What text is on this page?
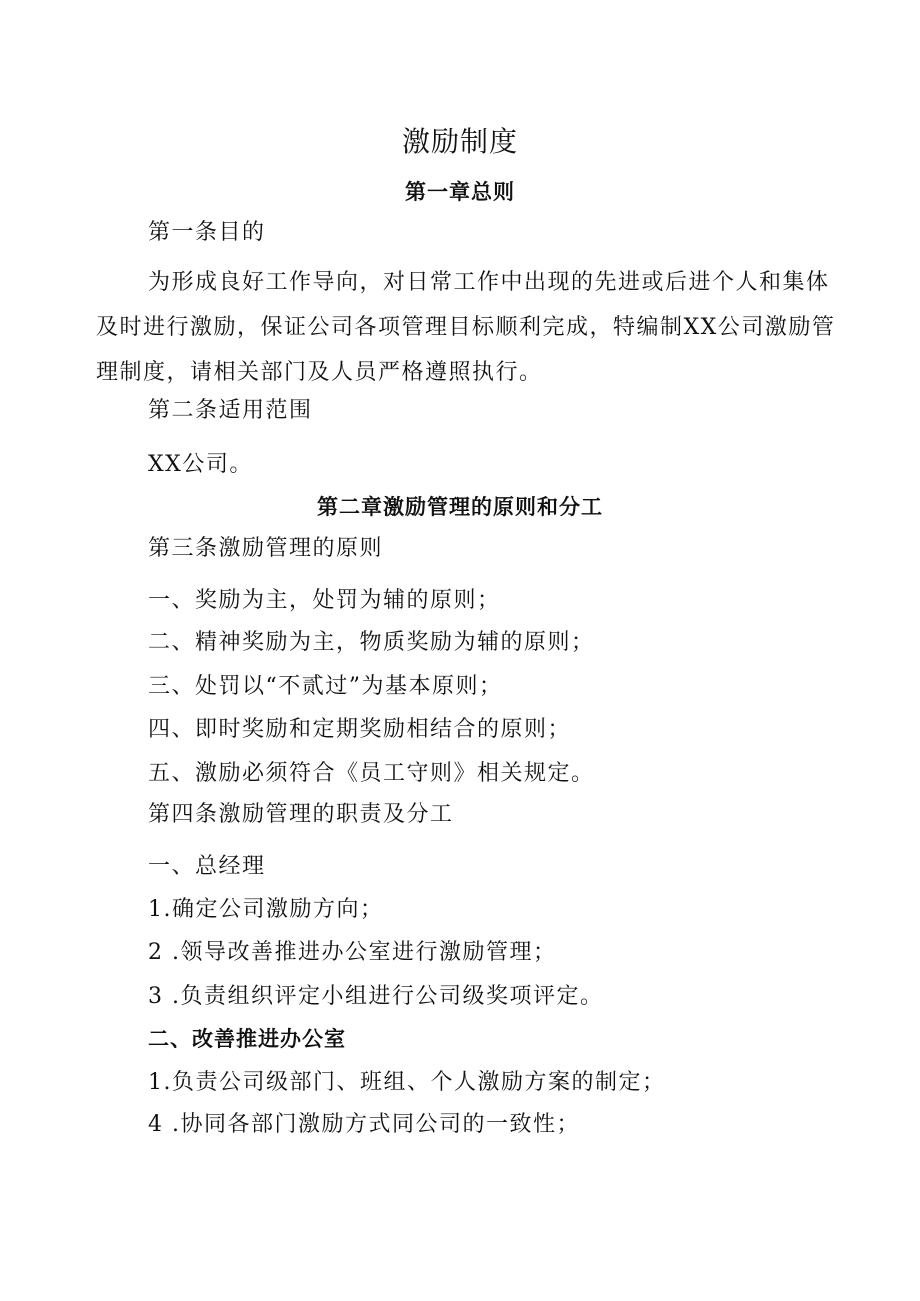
激励制度
第一章总则
第一条目的
为形成良好工作导向，对日常工作中出现的先进或后进个人和集体
及时进行激励，保证公司各项管理目标顺利完成，特编制XX公司激励管
理制度，请相关部门及人员严格遵照执行。
第二条适用范围
XX公司。
第二章激励管理的原则和分工
第三条激励管理的原则
一、奖励为主，处罚为辅的原则；
二、精神奖励为主，物质奖励为辅的原则；
三、处罚以“不贰过”为基本原则；
四、即时奖励和定期奖励相结合的原则；
五、激励必须符合《员工守则》相关规定。
第四条激励管理的职责及分工
一、总经理
1.确定公司激励方向；
2 .领导改善推进办公室进行激励管理；
3 .负责组织评定小组进行公司级奖项评定。
二、改善推进办公室
1.负责公司级部门、班组、个人激励方案的制定；
4 .协同各部门激励方式同公司的一致性；
